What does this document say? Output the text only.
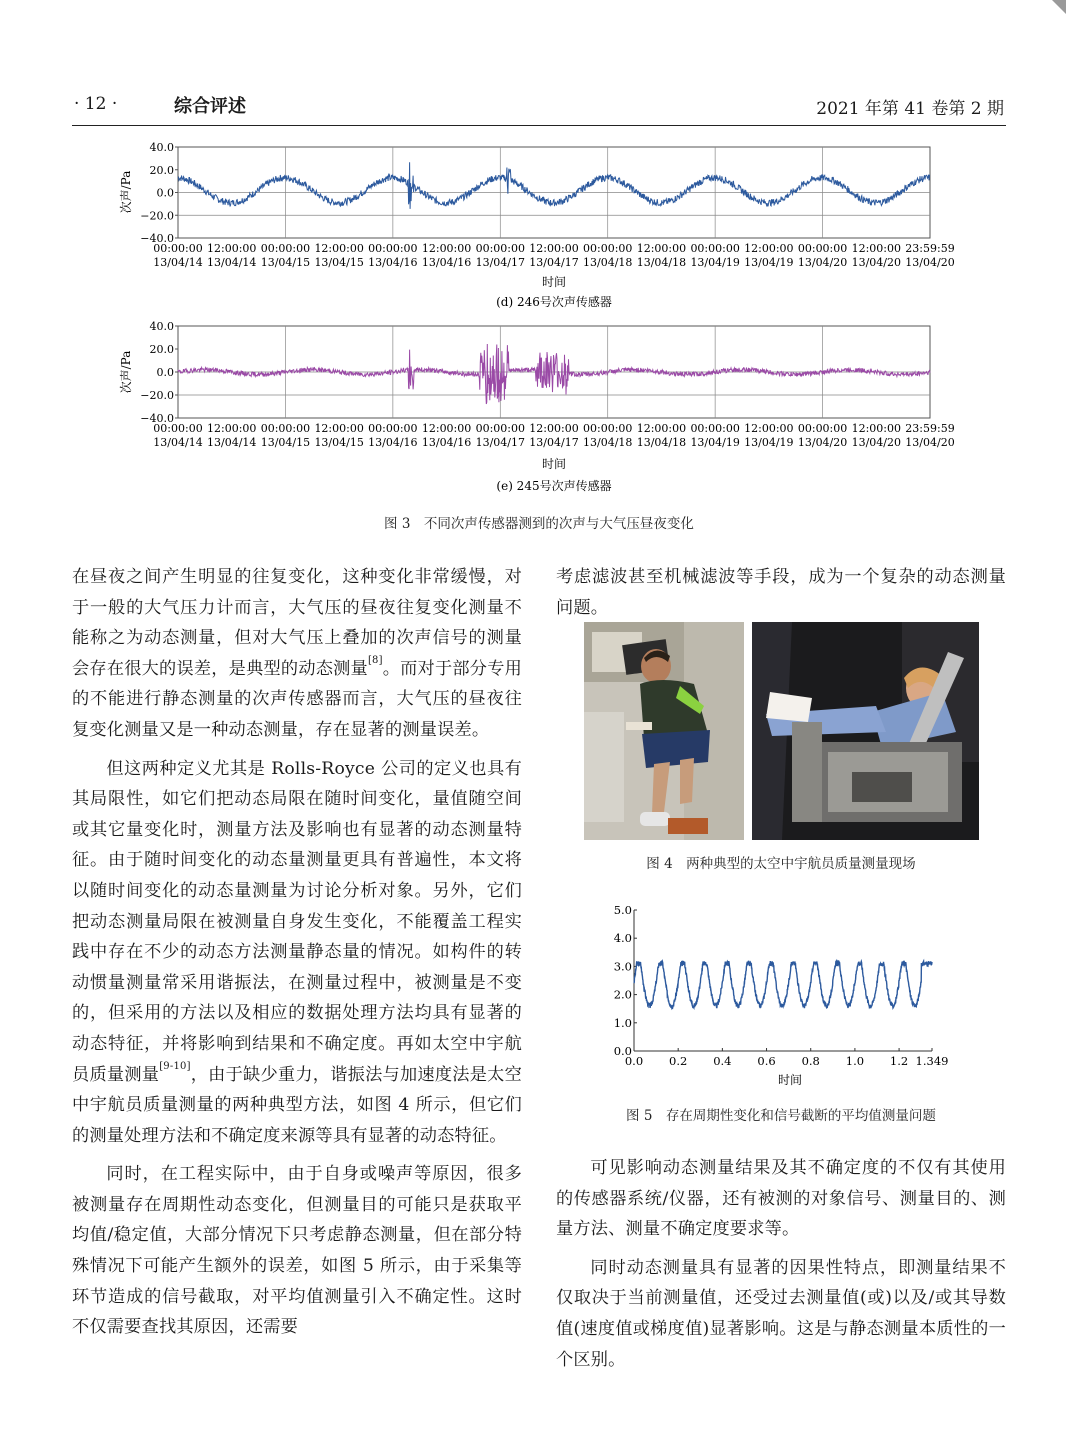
· 12 ·	综合评述	2021 年第 41 卷第 2 期
40.0
20.0
0.0
−20.0
−40.0
次声/Pa
00:00:00
13/04/14
12:00:00
13/04/14
00:00:00
13/04/15
12:00:00
13/04/15
00:00:00
13/04/16
12:00:00
13/04/16
00:00:00
13/04/17
12:00:00
13/04/17
00:00:00
13/04/18
12:00:00
13/04/18
00:00:00
13/04/19
12:00:00
13/04/19
00:00:00
13/04/20
12:00:00
13/04/20
23:59:59
13/04/20
时间
(d) 246号次声传感器
40.0
20.0
0.0
−20.0
−40.0
次声/Pa
00:00:00
13/04/14
12:00:00
13/04/14
00:00:00
13/04/15
12:00:00
13/04/15
00:00:00
13/04/16
12:00:00
13/04/16
00:00:00
13/04/17
12:00:00
13/04/17
00:00:00
13/04/18
12:00:00
13/04/18
00:00:00
13/04/19
12:00:00
13/04/19
00:00:00
13/04/20
12:00:00
13/04/20
23:59:59
13/04/20
时间
(e) 245号次声传感器
图 3　不同次声传感器测到的次声与大气压昼夜变化

在昼夜之间产生明显的往复变化，这种变化非常缓慢，对于一般的大气压力计而言，大气压的昼夜往复变化测量不能称之为动态测量，但对大气压上叠加的次声信号的测量会存在很大的误差，是典型的动态测量[8]。而对于部分专用的不能进行静态测量的次声传感器而言，大气压的昼夜往复变化测量又是一种动态测量，存在显著的测量误差。

但这两种定义尤其是 Rolls-Royce 公司的定义也具有其局限性，如它们把动态局限在随时间变化，量值随空间或其它量变化时，测量方法及影响也有显著的动态测量特征。由于随时间变化的动态量测量更具有普遍性，本文将以随时间变化的动态量测量为讨论分析对象。另外，它们把动态测量局限在被测量自身发生变化，不能覆盖工程实践中存在不少的动态方法测量静态量的情况。如构件的转动惯量测量常采用谐振法，在测量过程中，被测量是不变的，但采用的方法以及相应的数据处理方法均具有显著的动态特征，并将影响到结果和不确定度。再如太空中宇航员质量测量[9-10]，由于缺少重力，谐振法与加速度法是太空中宇航员质量测量的两种典型方法，如图 4 所示，但它们的测量处理方法和不确定度来源等具有显著的动态特征。

同时，在工程实际中，由于自身或噪声等原因，很多被测量存在周期性动态变化，但测量目的可能只是获取平均值/稳定值，大部分情况下只考虑静态测量，但在部分特殊情况下可能产生额外的误差，如图 5 所示，由于采集等环节造成的信号截取，对平均值测量引入不确定性。这时不仅需要查找其原因，还需要

考虑滤波甚至机械滤波等手段，成为一个复杂的动态测量问题。

图 4　两种典型的太空中宇航员质量测量现场
5.0
4.0
3.0
2.0
1.0
0.0
0.0 0.2 0.4 0.6 0.8 1.0 1.2 1.349
时间
图 5　存在周期性变化和信号截断的平均值测量问题

可见影响动态测量结果及其不确定度的不仅有其使用的传感器系统/仪器，还有被测的对象信号、测量目的、测量方法、测量不确定度要求等。

同时动态测量具有显著的因果性特点，即测量结果不仅取决于当前测量值，还受过去测量值(或)以及/或其导数值(速度值或梯度值)显著影响。这是与静态测量本质性的一个区别。
